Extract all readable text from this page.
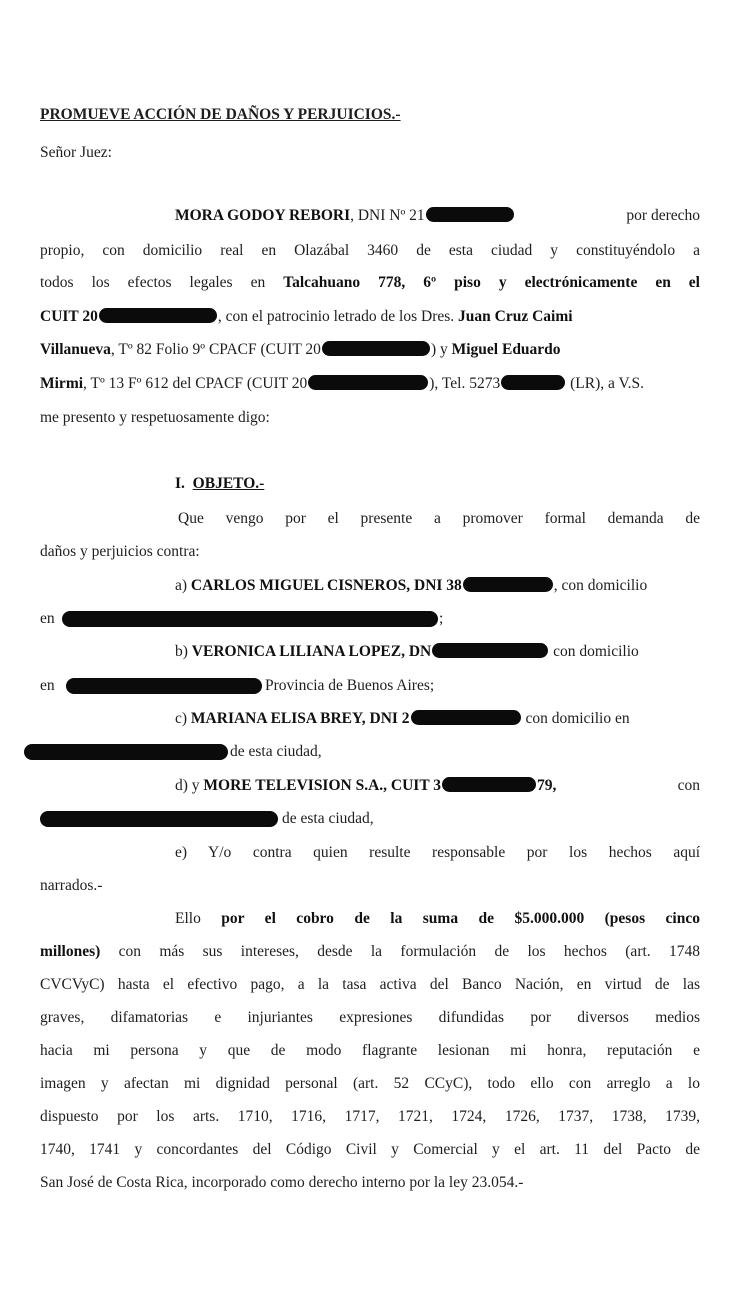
PROMUEVE ACCIÓN DE DAÑOS Y PERJUICIOS.-
Señor Juez:
MORA GODOY REBORI, DNI Nº 21	por derecho
propio, con domicilio real en Olazábal 3460 de esta ciudad y constituyéndolo a
todos los efectos legales en Talcahuano 778, 6º piso y electrónicamente en el
CUIT 20	, con el patrocinio letrado de los Dres. Juan Cruz Caimi
Villanueva, Tº 82 Folio 9º CPACF (CUIT 20	) y Miguel Eduardo
Mirmi, Tº 13 Fº 612 del CPACF (CUIT 20	), Tel. 5273	(LR), a V.S.
me presento y respetuosamente digo:
I. OBJETO.-
Que vengo por el presente a promover formal demanda de
daños y perjuicios contra:
a) CARLOS MIGUEL CISNEROS, DNI 38	, con domicilio
en	;
b) VERONICA LILIANA LOPEZ, DN	con domicilio
en	Provincia de Buenos Aires;
c) MARIANA ELISA BREY, DNI 2	con domicilio en
de esta ciudad,
d) y MORE TELEVISION S.A., CUIT 3	79,	con
de esta ciudad,
e) Y/o contra quien resulte responsable por los hechos aquí
narrados.-
Ello por el cobro de la suma de $5.000.000 (pesos cinco
millones) con más sus intereses, desde la formulación de los hechos (art. 1748
CVCVyC) hasta el efectivo pago, a la tasa activa del Banco Nación, en virtud de las
graves, difamatorias e injuriantes expresiones difundidas por diversos medios
hacia mi persona y que de modo flagrante lesionan mi honra, reputación e
imagen y afectan mi dignidad personal (art. 52 CCyC), todo ello con arreglo a lo
dispuesto por los arts. 1710, 1716, 1717, 1721, 1724, 1726, 1737, 1738, 1739,
1740, 1741 y concordantes del Código Civil y Comercial y el art. 11 del Pacto de
San José de Costa Rica, incorporado como derecho interno por la ley 23.054.-
